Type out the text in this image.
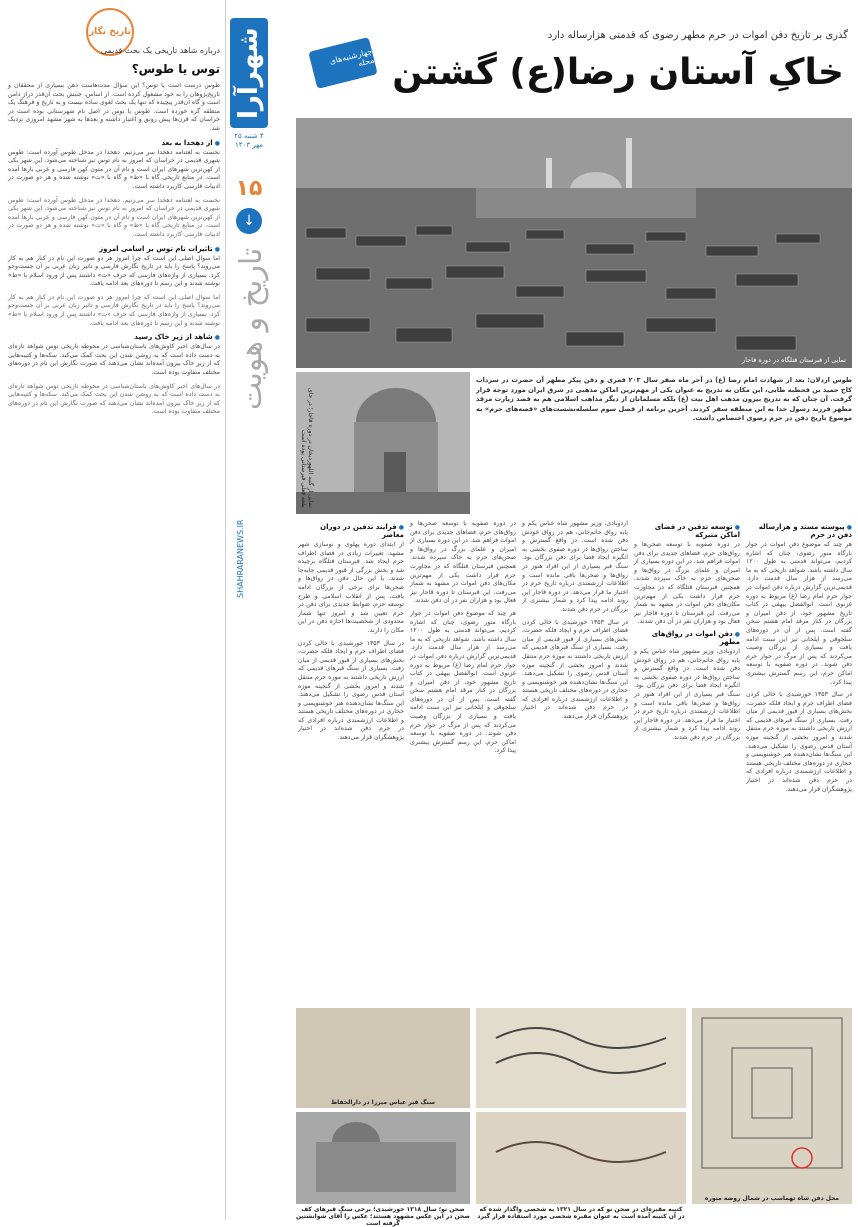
تاریخ نگار
درباره شاهد تاریخی یک بحث قدیمی
توس یا طوس؟

طوس درست است یا توس؟ این سؤال مدت‌هاست ذهن بسیاری از محققان و تاریخ‌پژوهان را به خود مشغول کرده است. از اساس، جنبش بحث آن‌قدر دراز دامن است و گاه آن‌قدر پیچیده که تنها یک بحث لغوی ساده نیست و به تاریخ و فرهنگ یک منطقه گره خورده است. طوس یا توس در اصل نام شهرستانی بوده است در خراسان که قرن‌ها پیش رونق و اعتبار داشته و بعدها به شهر مشهد امروزی نزدیک شد.

● از دهخدا به بعد

نخست به لغتنامه دهخدا سر می‌زنیم. دهخدا در مدخل طوس آورده است: طوس شهری قدیمی در خراسان که امروز به نام توس نیز شناخته می‌شود. این شهر یکی از کهن‌ترین شهرهای ایران است و نام آن در متون کهن فارسی و عربی بارها آمده است. در منابع تاریخی گاه با «ط» و گاه با «ت» نوشته شده و هر دو صورت در ادبیات فارسی کاربرد داشته است.

نخست به لغتنامه دهخدا سر می‌زنیم. دهخدا در مدخل طوس آورده است: طوس شهری قدیمی در خراسان که امروز به نام توس نیز شناخته می‌شود. این شهر یکی از کهن‌ترین شهرهای ایران است و نام آن در متون کهن فارسی و عربی بارها آمده است. در منابع تاریخی گاه با «ط» و گاه با «ت» نوشته شده و هر دو صورت در ادبیات فارسی کاربرد داشته است.

● تاثیرات نام توس بر اسامی امروز

اما سوال اصلی این است که چرا امروز هر دو صورت این نام در کنار هم به کار می‌روند؟ پاسخ را باید در تاریخ نگارش فارسی و تاثیر زبان عربی بر آن جست‌وجو کرد. بسیاری از واژه‌های فارسی که حرف «ت» داشتند پس از ورود اسلام با «ط» نوشته شدند و این رسم تا دوره‌های بعد ادامه یافت.

اما سوال اصلی این است که چرا امروز هر دو صورت این نام در کنار هم به کار می‌روند؟ پاسخ را باید در تاریخ نگارش فارسی و تاثیر زبان عربی بر آن جست‌وجو کرد. بسیاری از واژه‌های فارسی که حرف «ت» داشتند پس از ورود اسلام با «ط» نوشته شدند و این رسم تا دوره‌های بعد ادامه یافت.

● شاهد از زیر خاک رسید

در سال‌های اخیر کاوش‌های باستان‌شناسی در محوطه تاریخی توس شواهد تازه‌ای به دست داده است که به روشن شدن این بحث کمک می‌کند. سکه‌ها و کتیبه‌هایی که از زیر خاک بیرون آمده‌اند نشان می‌دهند که صورت نگارش این نام در دوره‌های مختلف متفاوت بوده است.

در سال‌های اخیر کاوش‌های باستان‌شناسی در محوطه تاریخی توس شواهد تازه‌ای به دست داده است که به روشن شدن این بحث کمک می‌کند. سکه‌ها و کتیبه‌هایی که از زیر خاک بیرون آمده‌اند نشان می‌دهند که صورت نگارش این نام در دوره‌های مختلف متفاوت بوده است.

شهرآرا
۴ شنبه ۲۵ مهر ۱۴۰۳
۱۵
↓
تاریخ و هویت
SHAHRARANEWS.IR
گذری بر تاریخ دفن اموات در حرم مطهر رضوی که قدمتی هزارساله دارد
خاکِ آستان رضا(ع) گشتن
چهارشنبه‌های محله
نمایی از قبرستان قتلگاه در دوره قاجار
نمایی از گنبد اللهوردیخان در دوره قاجار؛ در جای بقعه فعلی قبرستانی بوده است
طوس اردلان: بعد از شهادت امام رضا (ع) در آخر ماه صفر سال ۲۰۳ قمری و دفن پیکر مطهر آن حضرت در سرداب کاخ حمید بن قحطبه طایی، این مکان به تدریج به عنوان یکی از مهم‌ترین اماکن مذهبی در شرق ایران مورد توجه قرار گرفت. آن چنان که به تدریج بیرون مذهب اهل بیت (ع) بلکه مسلمانان از دیگر مذاهب اسلامی هم به قصد زیارت مرقد مطهر فرزند رسول خدا به این منطقه سفر کردند. آخرین برنامه از فصل سوم سلسله‌نشست‌های «قصه‌های حرم» به موضوع تاریخ دفن در حرم رضوی اختصاص داشت.
● پیوسته مسند و هزارساله دفن در حرم

هر چند که موضوع دفن اموات در جوار بارگاه منور رضوی، چنان که اشاره کردیم، می‌تواند قدمتی به طول ۱۲۰۰ سال داشته باشد. شواهد تاریخی که به ما می‌رسد از هزار سال قدمت دارد. قدیمی‌ترین گزارش درباره دفن اموات در جوار حرم امام رضا (ع) مربوط به دوره غزنوی است. ابوالفضل بیهقی در کتاب تاریخ مشهور خود، از دفن امیران و بزرگان در کنار مرقد امام هشتم سخن گفته است. پس از آن در دوره‌های سلجوقی و ایلخانی نیز این سنت ادامه یافت و بسیاری از بزرگان وصیت می‌کردند که پس از مرگ در جوار حرم دفن شوند. در دوره صفویه با توسعه اماکن حرم، این رسم گسترش بیشتری پیدا کرد.

در سال ۱۳۵۳ خورشیدی با خالی کردن فضای اطراف حرم و ایجاد فلکه حضرت، بخش‌های بسیاری از قبور قدیمی از میان رفت. بسیاری از سنگ قبرهای قدیمی که ارزش تاریخی داشتند به موزه حرم منتقل شدند و امروز بخشی از گنجینه موزه آستان قدس رضوی را تشکیل می‌دهند. این سنگ‌ها نشان‌دهنده هنر خوشنویسی و حجاری در دوره‌های مختلف تاریخی هستند و اطلاعات ارزشمندی درباره افرادی که در حرم دفن شده‌اند در اختیار پژوهشگران قرار می‌دهند.

● توسعه تدفین در فضای اماکن متبرکه

در دوره صفویه با توسعه صحن‌ها و رواق‌های حرم، فضاهای جدیدی برای دفن اموات فراهم شد. در این دوره بسیاری از امیران و علمای بزرگ در رواق‌ها و صحن‌های حرم به خاک سپرده شدند. همچنین قبرستان قتلگاه که در مجاورت حرم قرار داشت یکی از مهم‌ترین مکان‌های دفن اموات در مشهد به شمار می‌رفت. این قبرستان تا دوره قاجار نیز فعال بود و هزاران نفر در آن دفن شدند.

● دفن اموات در رواق‌های مطهر

اردوبادی، وزیر مشهور شاه عباس یکم و پایه رواق حاتم‌خانی، هم در رواق خودش دفن شده است. در واقع گسترش و ساختن رواق‌ها در دوره صفوی بخشی به انگیزه ایجاد فضا برای دفن بزرگان بود. سنگ قبر بسیاری از این افراد هنوز در رواق‌ها و صحن‌ها باقی مانده است و اطلاعات ارزشمندی درباره تاریخ حرم در اختیار ما قرار می‌دهد. در دوره قاجار این روند ادامه پیدا کرد و شمار بیشتری از بزرگان در حرم دفن شدند.

اردوبادی، وزیر مشهور شاه عباس یکم و پایه رواق حاتم‌خانی، هم در رواق خودش دفن شده است. در واقع گسترش و ساختن رواق‌ها در دوره صفوی بخشی به انگیزه ایجاد فضا برای دفن بزرگان بود. سنگ قبر بسیاری از این افراد هنوز در رواق‌ها و صحن‌ها باقی مانده است و اطلاعات ارزشمندی درباره تاریخ حرم در اختیار ما قرار می‌دهد. در دوره قاجار این روند ادامه پیدا کرد و شمار بیشتری از بزرگان در حرم دفن شدند.

در سال ۱۳۵۳ خورشیدی با خالی کردن فضای اطراف حرم و ایجاد فلکه حضرت، بخش‌های بسیاری از قبور قدیمی از میان رفت. بسیاری از سنگ قبرهای قدیمی که ارزش تاریخی داشتند به موزه حرم منتقل شدند و امروز بخشی از گنجینه موزه آستان قدس رضوی را تشکیل می‌دهند. این سنگ‌ها نشان‌دهنده هنر خوشنویسی و حجاری در دوره‌های مختلف تاریخی هستند و اطلاعات ارزشمندی درباره افرادی که در حرم دفن شده‌اند در اختیار پژوهشگران قرار می‌دهند.

در دوره صفویه با توسعه صحن‌ها و رواق‌های حرم، فضاهای جدیدی برای دفن اموات فراهم شد. در این دوره بسیاری از امیران و علمای بزرگ در رواق‌ها و صحن‌های حرم به خاک سپرده شدند. همچنین قبرستان قتلگاه که در مجاورت حرم قرار داشت یکی از مهم‌ترین مکان‌های دفن اموات در مشهد به شمار می‌رفت. این قبرستان تا دوره قاجار نیز فعال بود و هزاران نفر در آن دفن شدند.

هر چند که موضوع دفن اموات در جوار بارگاه منور رضوی، چنان که اشاره کردیم، می‌تواند قدمتی به طول ۱۲۰۰ سال داشته باشد. شواهد تاریخی که به ما می‌رسد از هزار سال قدمت دارد. قدیمی‌ترین گزارش درباره دفن اموات در جوار حرم امام رضا (ع) مربوط به دوره غزنوی است. ابوالفضل بیهقی در کتاب تاریخ مشهور خود، از دفن امیران و بزرگان در کنار مرقد امام هشتم سخن گفته است. پس از آن در دوره‌های سلجوقی و ایلخانی نیز این سنت ادامه یافت و بسیاری از بزرگان وصیت می‌کردند که پس از مرگ در جوار حرم دفن شوند. در دوره صفویه با توسعه اماکن حرم، این رسم گسترش بیشتری پیدا کرد.

● فرایند تدفین در دوران معاصر

از ابتدای دوره پهلوی و نوسازی شهر مشهد، تغییرات زیادی در فضای اطراف حرم ایجاد شد. قبرستان قتلگاه برچیده شد و بخش بزرگی از قبور قدیمی جابه‌جا شدند. با این حال دفن در رواق‌ها و صحن‌ها برای برخی از بزرگان ادامه یافت. پس از انقلاب اسلامی و طرح توسعه حرم، ضوابط جدیدی برای دفن در حرم تعیین شد و امروز تنها شمار محدودی از شخصیت‌ها اجازه دفن در این مکان را دارند.

در سال ۱۳۵۳ خورشیدی با خالی کردن فضای اطراف حرم و ایجاد فلکه حضرت، بخش‌های بسیاری از قبور قدیمی از میان رفت. بسیاری از سنگ قبرهای قدیمی که ارزش تاریخی داشتند به موزه حرم منتقل شدند و امروز بخشی از گنجینه موزه آستان قدس رضوی را تشکیل می‌دهند. این سنگ‌ها نشان‌دهنده هنر خوشنویسی و حجاری در دوره‌های مختلف تاریخی هستند و اطلاعات ارزشمندی درباره افرادی که در حرم دفن شده‌اند در اختیار پژوهشگران قرار می‌دهند.

محل دفن شاه تهماسب در شمال روضه منوره
کتیبه مقبره‌ای در صحن نو که در سال ۱۳۲۱ به شخصی واگذار شده که در آن کتیبه آمده است به عنوان مقبره شخصی مورد استفاده قرار گیرد
سنگ قبر عباس میرزا در دارالحفاظ
صحن نو؛ سال ۱۳۱۸ خورشیدی؛ برخی سنگ قبرهای کف صحن در این عکس مشهود هستند؛ عکس را آقای شوانشتین گرفته است
